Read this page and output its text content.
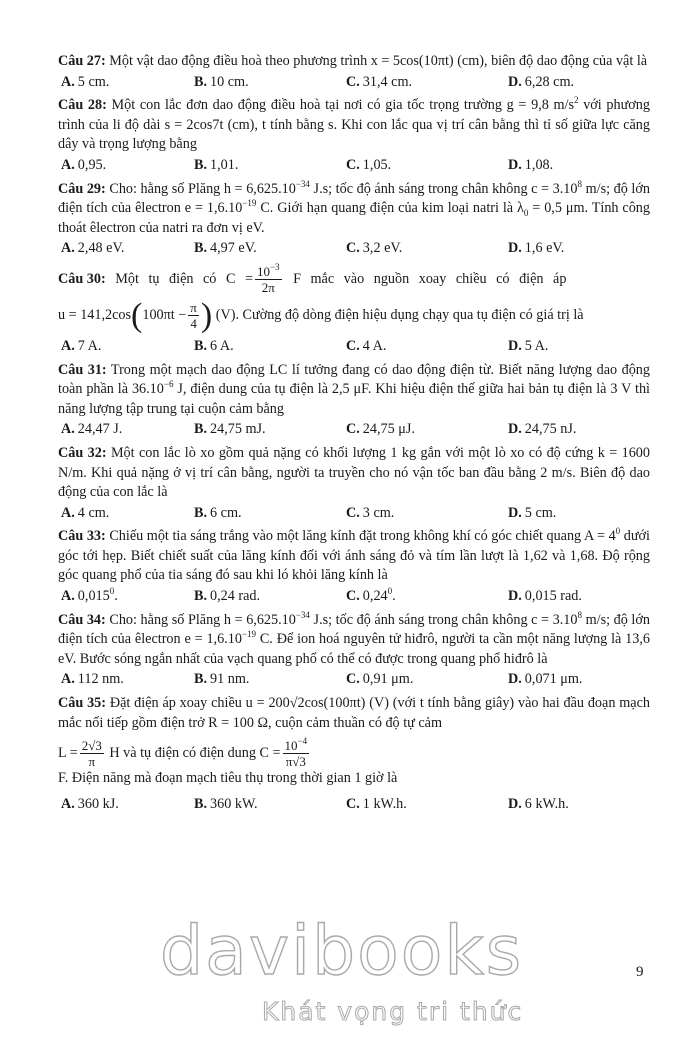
Câu 27: Một vật dao động điều hoà theo phương trình x = 5cos(10πt) (cm), biên độ dao động của vật là
A. 5 cm.	B. 10 cm.	C. 31,4 cm.	D. 6,28 cm.
Câu 28: Một con lắc đơn dao động điều hoà tại nơi có gia tốc trọng trường g = 9,8 $m/s^2$ với phương trình của li độ dài s = 2cos7t (cm), t tính bằng s. Khi con lắc qua vị trí cân bằng thì tỉ số giữa lực căng dây và trọng lượng bằng
A. 0,95.	B. 1,01.	C. 1,05.	D. 1,08.
Câu 29: Cho: hằng số Plăng $h = 6,625.10^{-34}$ J.s; tốc độ ánh sáng trong chân không $c = 3.10^8$ m/s; độ lớn điện tích của êlectron $e = 1,6.10^{-19}$ C. Giới hạn quang điện của kim loại natri là $\lambda_0 = 0,5$ μm. Tính công thoát êlectron của natri ra đơn vị eV.
A. 2,48 eV.	B. 4,97 eV.	C. 3,2 eV.	D. 1,6 eV.
Câu 30: Một tụ điện có $C = \frac{10^{-3}}{2\pi}$ F mắc vào nguồn xoay chiều có điện áp
u = 141,2cos ( $100\pi t - \frac{\pi}{4}$ ) (V). Cường độ dòng điện hiệu dụng chạy qua tụ điện có giá trị là
A. 7 A.	B. 6 A.	C. 4 A.	D. 5 A.
Câu 31: Trong một mạch dao động LC lí tưởng đang có dao động điện từ. Biết năng lượng dao động toàn phần là $36.10^{-6}$ J, điện dung của tụ điện là 2,5 μF. Khi hiệu điện thế giữa hai bản tụ điện là 3 V thì năng lượng tập trung tại cuộn cảm bằng
A. 24,47 J.	B. 24,75 mJ.	C. 24,75 μJ.	D. 24,75 nJ.
Câu 32: Một con lắc lò xo gồm quả nặng có khối lượng 1 kg gắn với một lò xo có độ cứng k = 1600 N/m. Khi quả nặng ở vị trí cân bằng, người ta truyền cho nó vận tốc ban đầu bằng 2 m/s. Biên độ dao động của con lắc là
A. 4 cm.	B. 6 cm.	C. 3 cm.	D. 5 cm.
Câu 33: Chiếu một tia sáng trắng vào một lăng kính đặt trong không khí có góc chiết quang $A = 4^0$ dưới góc tới hẹp. Biết chiết suất của lăng kính đối với ánh sáng đỏ và tím lần lượt là 1,62 và 1,68. Độ rộng góc quang phổ của tia sáng đó sau khi ló khỏi lăng kính là
A. 0,015$^0$.	B. 0,24 rad.	C. 0,24$^0$.	D. 0,015 rad.
Câu 34: Cho: hằng số Plăng $h = 6,625.10^{-34}$ J.s; tốc độ ánh sáng trong chân không $c = 3.10^8$ m/s; độ lớn điện tích của êlectron $e = 1,6.10^{-19}$ C. Để ion hoá nguyên tử hiđrô, người ta cần một năng lượng là 13,6 eV. Bước sóng ngắn nhất của vạch quang phổ có thể có được trong quang phổ hiđrô là
A. 112 nm.	B. 91 nm.	C. 0,91 μm.	D. 0,071 μm.
Câu 35: Đặt điện áp xoay chiều u = 200√2cos(100πt) (V) (với t tính bằng giây) vào hai đầu đoạn mạch mắc nối tiếp gồm điện trở R = 100 Ω, cuộn cảm thuần có độ tự cảm
$L = \frac{2√3}{\pi}$ H và tụ điện có điện dung $C = \frac{10^{-4}}{\pi√3}$
F. Điện năng mà đoạn mạch tiêu thụ trong thời gian 1 giờ là
A. 360 kJ.	B. 360 kW.	C. 1 kW.h.	D. 6 kW.h.
davibooks	9
Khát vọng tri thức
